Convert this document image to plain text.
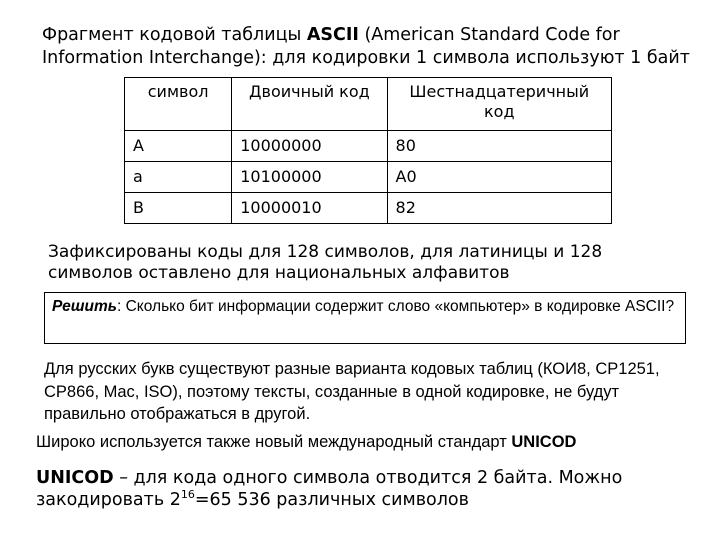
Фрагмент кодовой таблицы ASCII (American Standard Code for Information Interchange): для кодировки 1 символа используют 1 байт
символ	Двоичный код	Шестнадцатеричный код
A	10000000	80
a	10100000	A0
B	10000010	82
Зафиксированы коды для 128 символов, для латиницы и 128 символов оставлено для национальных алфавитов
Решить: Сколько бит информации содержит слово «компьютер» в кодировке ASCII?
Для русских букв существуют разные варианта кодовых таблиц (КОИ8, CP1251, CP866, Mac, ISO), поэтому тексты, созданные в одной кодировке, не будут правильно отображаться в другой.
Широко используется также новый международный стандарт UNICOD
UNICOD – для кода одного символа отводится 2 байта. Можно закодировать $2^{16}=65$ 536 различных символов
